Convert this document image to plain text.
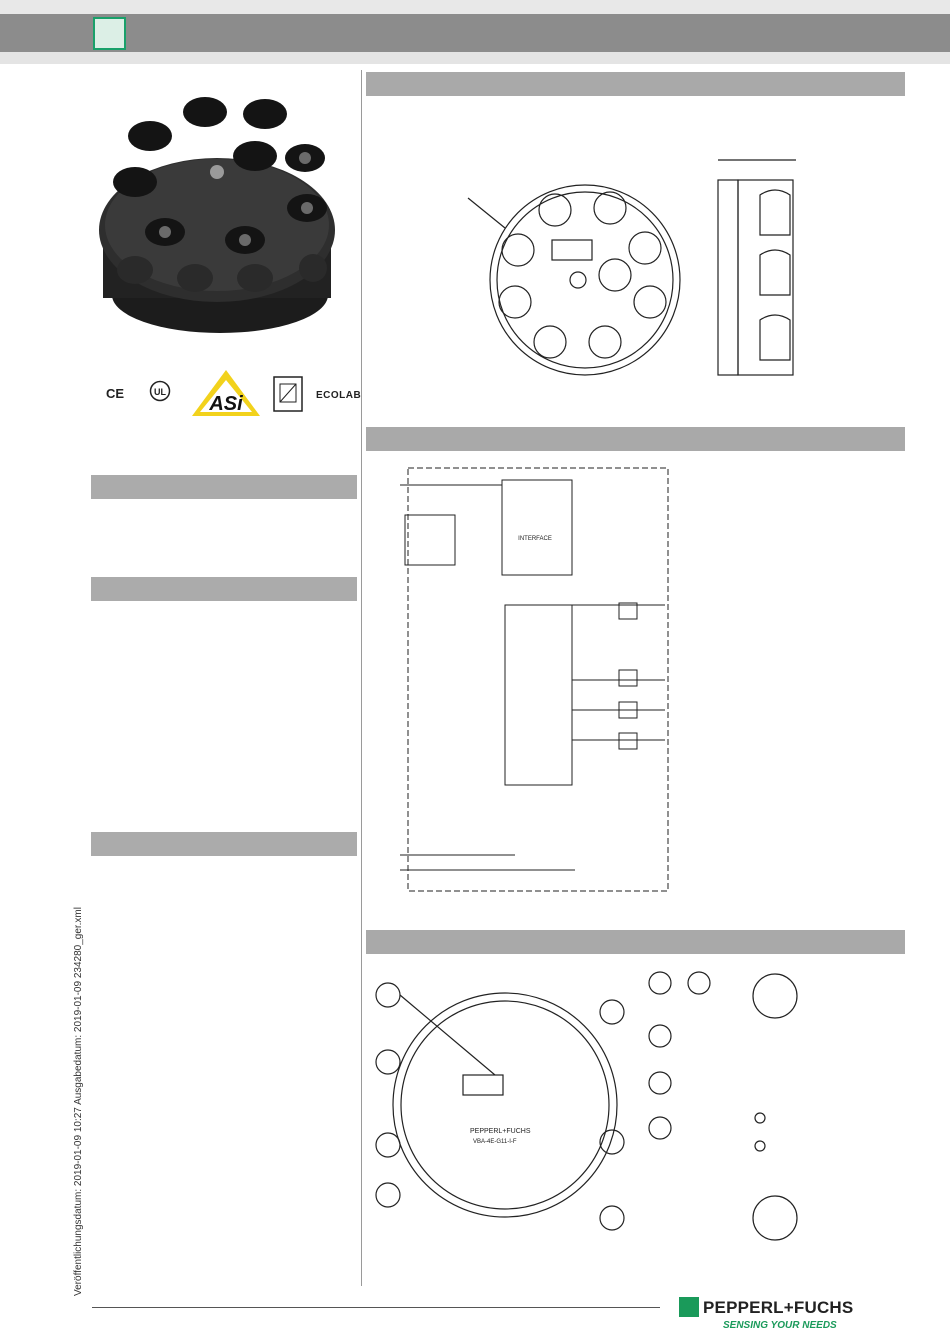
CE	UL
ASi	ECOLAB
INTERFACE
PEPPERL+FUCHS
VBA-4E-G11-I-F
Veröffentlichungsdatum: 2019-01-09 10:27 Ausgabedatum: 2019-01-09 234280_ger.xml
PEPPERL+FUCHS
SENSING YOUR NEEDS
